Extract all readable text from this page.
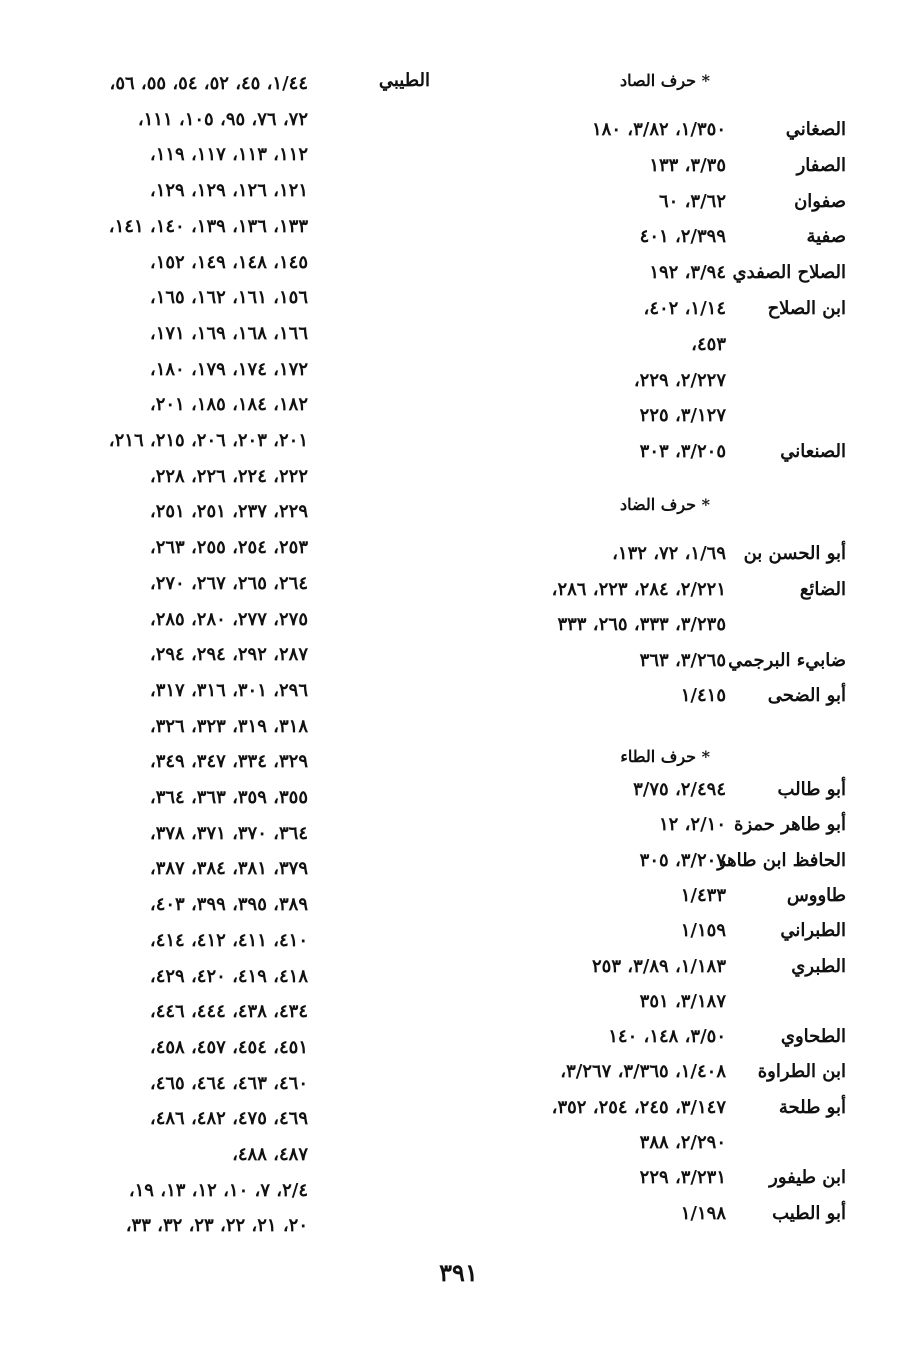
الطيبي
١/٤٤، ٤٥، ٥٢، ٥٤، ٥٥، ٥٦،
٧٢، ٧٦، ٩٥، ١٠٥، ١١١،
١١٢، ١١٣، ١١٧، ١١٩،
١٢١، ١٢٦، ١٢٩، ١٢٩،
١٣٣، ١٣٦، ١٣٩، ١٤٠، ١٤١،
١٤٥، ١٤٨، ١٤٩، ١٥٢،
١٥٦، ١٦١، ١٦٢، ١٦٥،
١٦٦، ١٦٨، ١٦٩، ١٧١،
١٧٢، ١٧٤، ١٧٩، ١٨٠،
١٨٢، ١٨٤، ١٨٥، ٢٠١،
٢٠١، ٢٠٣، ٢٠٦، ٢١٥، ٢١٦،
٢٢٢، ٢٢٤، ٢٢٦، ٢٢٨،
٢٢٩، ٢٣٧، ٢٥١، ٢٥١،
٢٥٣، ٢٥٤، ٢٥٥، ٢٦٣،
٢٦٤، ٢٦٥، ٢٦٧، ٢٧٠،
٢٧٥، ٢٧٧، ٢٨٠، ٢٨٥،
٢٨٧، ٢٩٢، ٢٩٤، ٢٩٤،
٢٩٦، ٣٠١، ٣١٦، ٣١٧،
٣١٨، ٣١٩، ٣٢٣، ٣٢٦،
٣٢٩، ٣٣٤، ٣٤٧، ٣٤٩،
٣٥٥، ٣٥٩، ٣٦٣، ٣٦٤،
٣٦٤، ٣٧٠، ٣٧١، ٣٧٨،
٣٧٩، ٣٨١، ٣٨٤، ٣٨٧،
٣٨٩، ٣٩٥، ٣٩٩، ٤٠٣،
٤١٠، ٤١١، ٤١٢، ٤١٤،
٤١٨، ٤١٩، ٤٢٠، ٤٢٩،
٤٣٤، ٤٣٨، ٤٤٤، ٤٤٦،
٤٥١، ٤٥٤، ٤٥٧، ٤٥٨،
٤٦٠، ٤٦٣، ٤٦٤، ٤٦٥،
٤٦٩، ٤٧٥، ٤٨٢، ٤٨٦،
٤٨٧، ٤٨٨،
٢/٤، ٧، ١٠، ١٢، ١٣، ١٩،
٢٠، ٢١، ٢٢، ٢٣، ٣٢، ٣٣،
* حرف الصاد
الصغاني
١/٣٥٠، ٣/٨٢، ١٨٠
الصفار
٣/٣٥، ١٣٣
صفوان
٣/٦٢، ٦٠
صفية
٢/٣٩٩، ٤٠١
الصلاح الصفدي
٣/٩٤، ١٩٢
ابن الصلاح
١/١٤، ٤٠٢،
٤٥٣،
٢/٢٢٧، ٢٢٩،
٣/١٢٧، ٢٢٥
الصنعاني
٣/٢٠٥، ٣٠٣
* حرف الضاد
أبو الحسن بن
١/٦٩، ٧٢، ١٣٢،
الضائع
٢/٢٢١، ٢٨٤، ٢٢٣، ٢٨٦،
٣/٢٣٥، ٣٣٣، ٢٦٥، ٣٣٣
ضابيء البرجمي
٣/٢٦٥، ٣٦٣
أبو الضحى
١/٤١٥
* حرف الطاء
أبو طالب
٢/٤٩٤، ٣/٧٥
أبو طاهر حمزة
٢/١٠، ١٢
الحافظ ابن طاهر
٣/٢٠٧، ٣٠٥
طاووس
١/٤٣٣
الطبراني
١/١٥٩
الطبري
١/١٨٣، ٣/٨٩، ٢٥٣
٣/١٨٧، ٣٥١
الطحاوي
٣/٥٠، ١٤٨، ١٤٠
ابن الطراوة
١/٤٠٨، ٣/٣٦٥، ٣/٢٦٧،
أبو طلحة
٣/١٤٧، ٢٤٥، ٢٥٤، ٣٥٢،
٢/٢٩٠، ٣٨٨
ابن طيفور
٣/٢٣١، ٢٢٩
أبو الطيب
١/١٩٨
٣٩١
